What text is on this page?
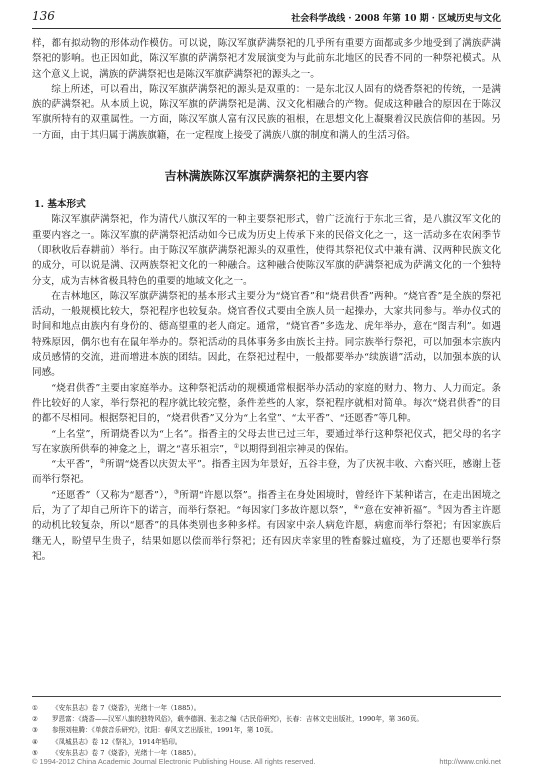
136	社会科学战线 · 2008 年第 10 期 · 区域历史与文化

样，都有拟动物的形体动作模仿。可以说，陈汉军旗萨满祭祀的几乎所有重要方面都或多少地受到了满族萨满祭祀的影响。也正因如此，陈汉军旗的萨满祭祀才发展演变为与此前东北地区的民香不同的一种祭祀模式。从这个意义上说，满族的萨满祭祀也是陈汉军旗萨满祭祀的源头之一。

综上所述，可以看出，陈汉军旗萨满祭祀的源头是双重的：一是东北汉人固有的烧香祭祀的传统，一是满族的萨满祭祀。从本质上说，陈汉军旗的萨满祭祀是满、汉文化相融合的产物。促成这种融合的原因在于陈汉军旗所特有的双重属性。一方面，陈汉军旗人富有汉民族的祖根，在思想文化上凝聚着汉民族信仰的基因。另一方面，由于其归属于满族旗籍，在一定程度上接受了满族八旗的制度和满人的生活习俗。

吉林满族陈汉军旗萨满祭祀的主要内容
1. 基本形式

陈汉军旗萨满祭祀，作为清代八旗汉军的一种主要祭祀形式，曾广泛流行于东北三省，是八旗汉军文化的重要内容之一。陈汉军旗的萨满祭祀活动如今已成为历史上传承下来的民俗文化之一，这一活动多在农闲季节（即秋收后春耕前）举行。由于陈汉军旗萨满祭祀源头的双重性，使得其祭祀仪式中兼有满、汉两种民族文化的成分，可以说是满、汉两族祭祀文化的一种融合。这种融合使陈汉军旗的萨满祭祀成为萨满文化的一个独特分支，成为吉林省极具特色的重要的地域文化之一。

在吉林地区，陈汉军旗萨满祭祀的基本形式主要分为“烧官香”和“烧君供香”两种。“烧官香”是全族的祭祀活动，一般规模比较大，祭祀程序也较复杂。烧官香仪式要由全族人员一起操办，大家共同参与。举办仪式的时间和地点由族内有身份的、德高望重的老人商定。通常，“烧官香”多选龙、虎年举办，意在“图吉利”。如遇特殊原因，偶尔也有在鼠年举办的。祭祀活动的具体事务多由族长主持。同宗族举行祭祀，可以加强本宗族内成员感情的交流，进而增进本族的团结。因此，在祭祀过程中，一般都要举办“续族谱”活动，以加强本族的认同感。

“烧君供香”主要由家庭举办。这种祭祀活动的规模通常根据举办活动的家庭的财力、物力、人力而定。条件比较好的人家，举行祭祀的程序就比较完整，条件差些的人家，祭祀程序就相对简单。每次“烧君供香”的目的都不尽相同。根据祭祀目的，“烧君供香”又分为“上名堂”、“太平香”、“还愿香”等几种。

“上名堂”，所谓烧香以为“上名”。指香主的父母去世已过三年，要通过举行这种祭祀仪式，把父母的名字写在家族所供奉的神龛之上，谓之“喜乐祖宗”，①以期得到祖宗神灵的保佑。

“太平香”，②所谓“烧香以庆贺太平”。指香主因为年景好，五谷丰登，为了庆祝丰收、六畜兴旺，感谢上苍而举行祭祀。

“还愿香”（又称为“愿香”），③所谓“许愿以祭”。指香主在身处困境时，曾经许下某种诺言，在走出困境之后，为了了却自己所许下的诺言，而举行祭祀。“每因家门多故许愿以祭”，④“意在安神祈福”。⑤因为香主许愿的动机比较复杂，所以“愿香”的具体类别也多种多样。有因家中亲人病危许愿，病愈而举行祭祀；有因家族后继无人，盼望早生贵子，结果如愿以偿而举行祭祀；还有因庆幸家里的牲畜躲过瘟疫，为了还愿也要举行祭祀。

①	《安东县志》卷 7《烧香》，光绪十一年（1885）。
②	罗恩富：《烧香——汉军八旗的独特风俗》，载李德润、张志之编《古民俗研究》，长春：吉林文史出版社，1990年，第 360页。
③	参照刘桂腾：《单鼓音乐研究》，沈阳：春风文艺出版社，1991年，第 10页。
④	《凤城县志》卷 12《祭礼》，1914年铅印。
⑤	《安东县志》卷 7《烧香》，光绪十一年（1885）。
© 1994-2012 China Academic Journal Electronic Publishing House. All rights reserved.	http://www.cnki.net
